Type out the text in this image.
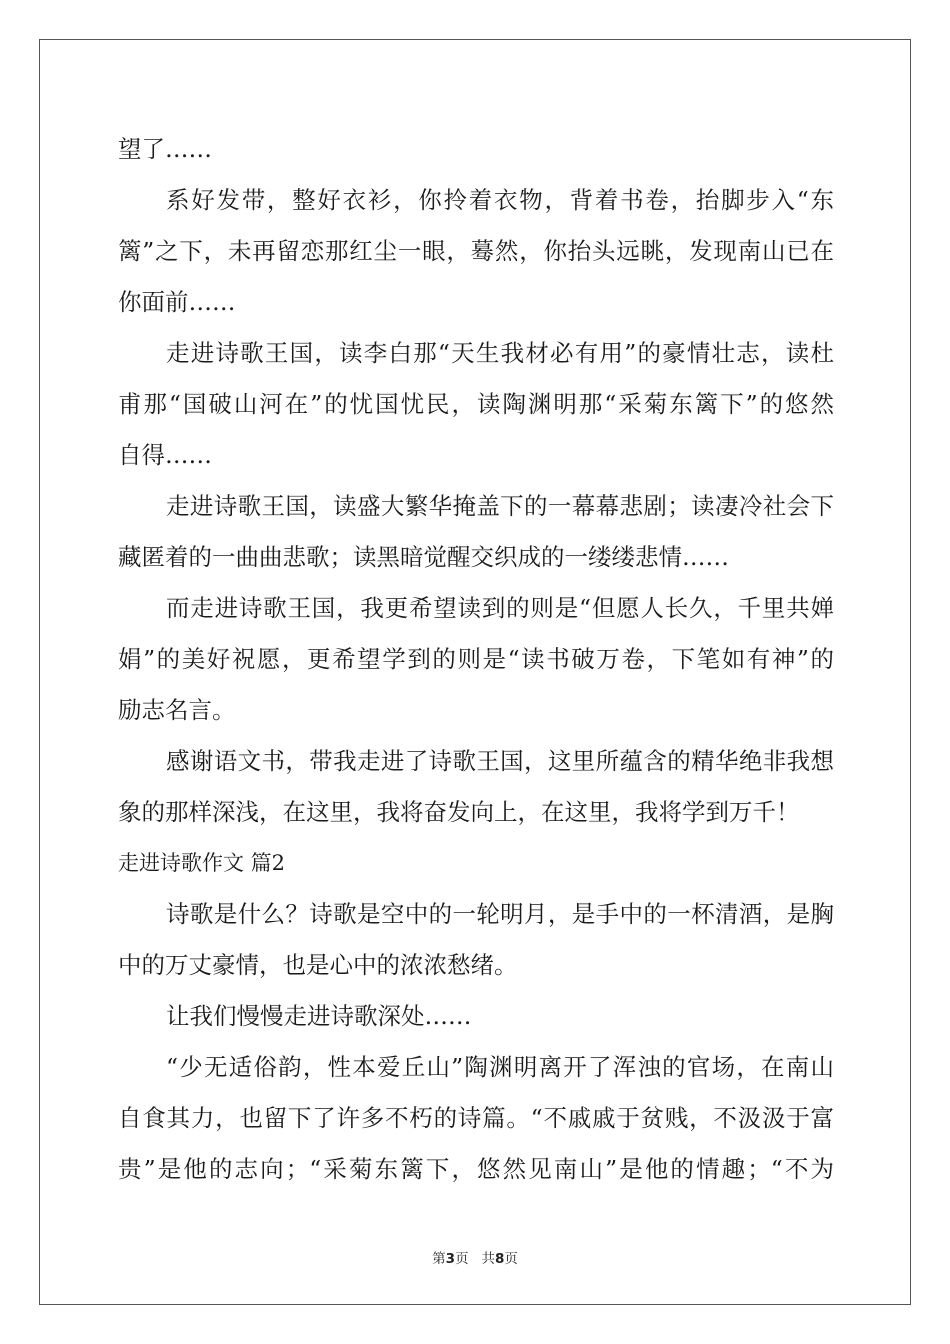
望了……
系好发带，整好衣衫，你拎着衣物，背着书卷，抬脚步入“东
篱”之下，未再留恋那红尘一眼，蓦然，你抬头远眺，发现南山已在
你面前……
走进诗歌王国，读李白那“天生我材必有用”的豪情壮志，读杜
甫那“国破山河在”的忧国忧民，读陶渊明那“采菊东篱下”的悠然
自得……
走进诗歌王国，读盛大繁华掩盖下的一幕幕悲剧；读凄冷社会下
藏匿着的一曲曲悲歌；读黑暗觉醒交织成的一缕缕悲情……
而走进诗歌王国，我更希望读到的则是“但愿人长久，千里共婵
娟”的美好祝愿，更希望学到的则是“读书破万卷，下笔如有神”的
励志名言。
感谢语文书，带我走进了诗歌王国，这里所蕴含的精华绝非我想
象的那样深浅，在这里，我将奋发向上，在这里，我将学到万千！
走进诗歌作文 篇2
诗歌是什么？诗歌是空中的一轮明月，是手中的一杯清酒，是胸
中的万丈豪情，也是心中的浓浓愁绪。
让我们慢慢走进诗歌深处……
“少无适俗韵，性本爱丘山”陶渊明离开了浑浊的官场，在南山
自食其力，也留下了许多不朽的诗篇。“不戚戚于贫贱，不汲汲于富
贵”是他的志向；“采菊东篱下，悠然见南山”是他的情趣；“不为
第3页 共8页
